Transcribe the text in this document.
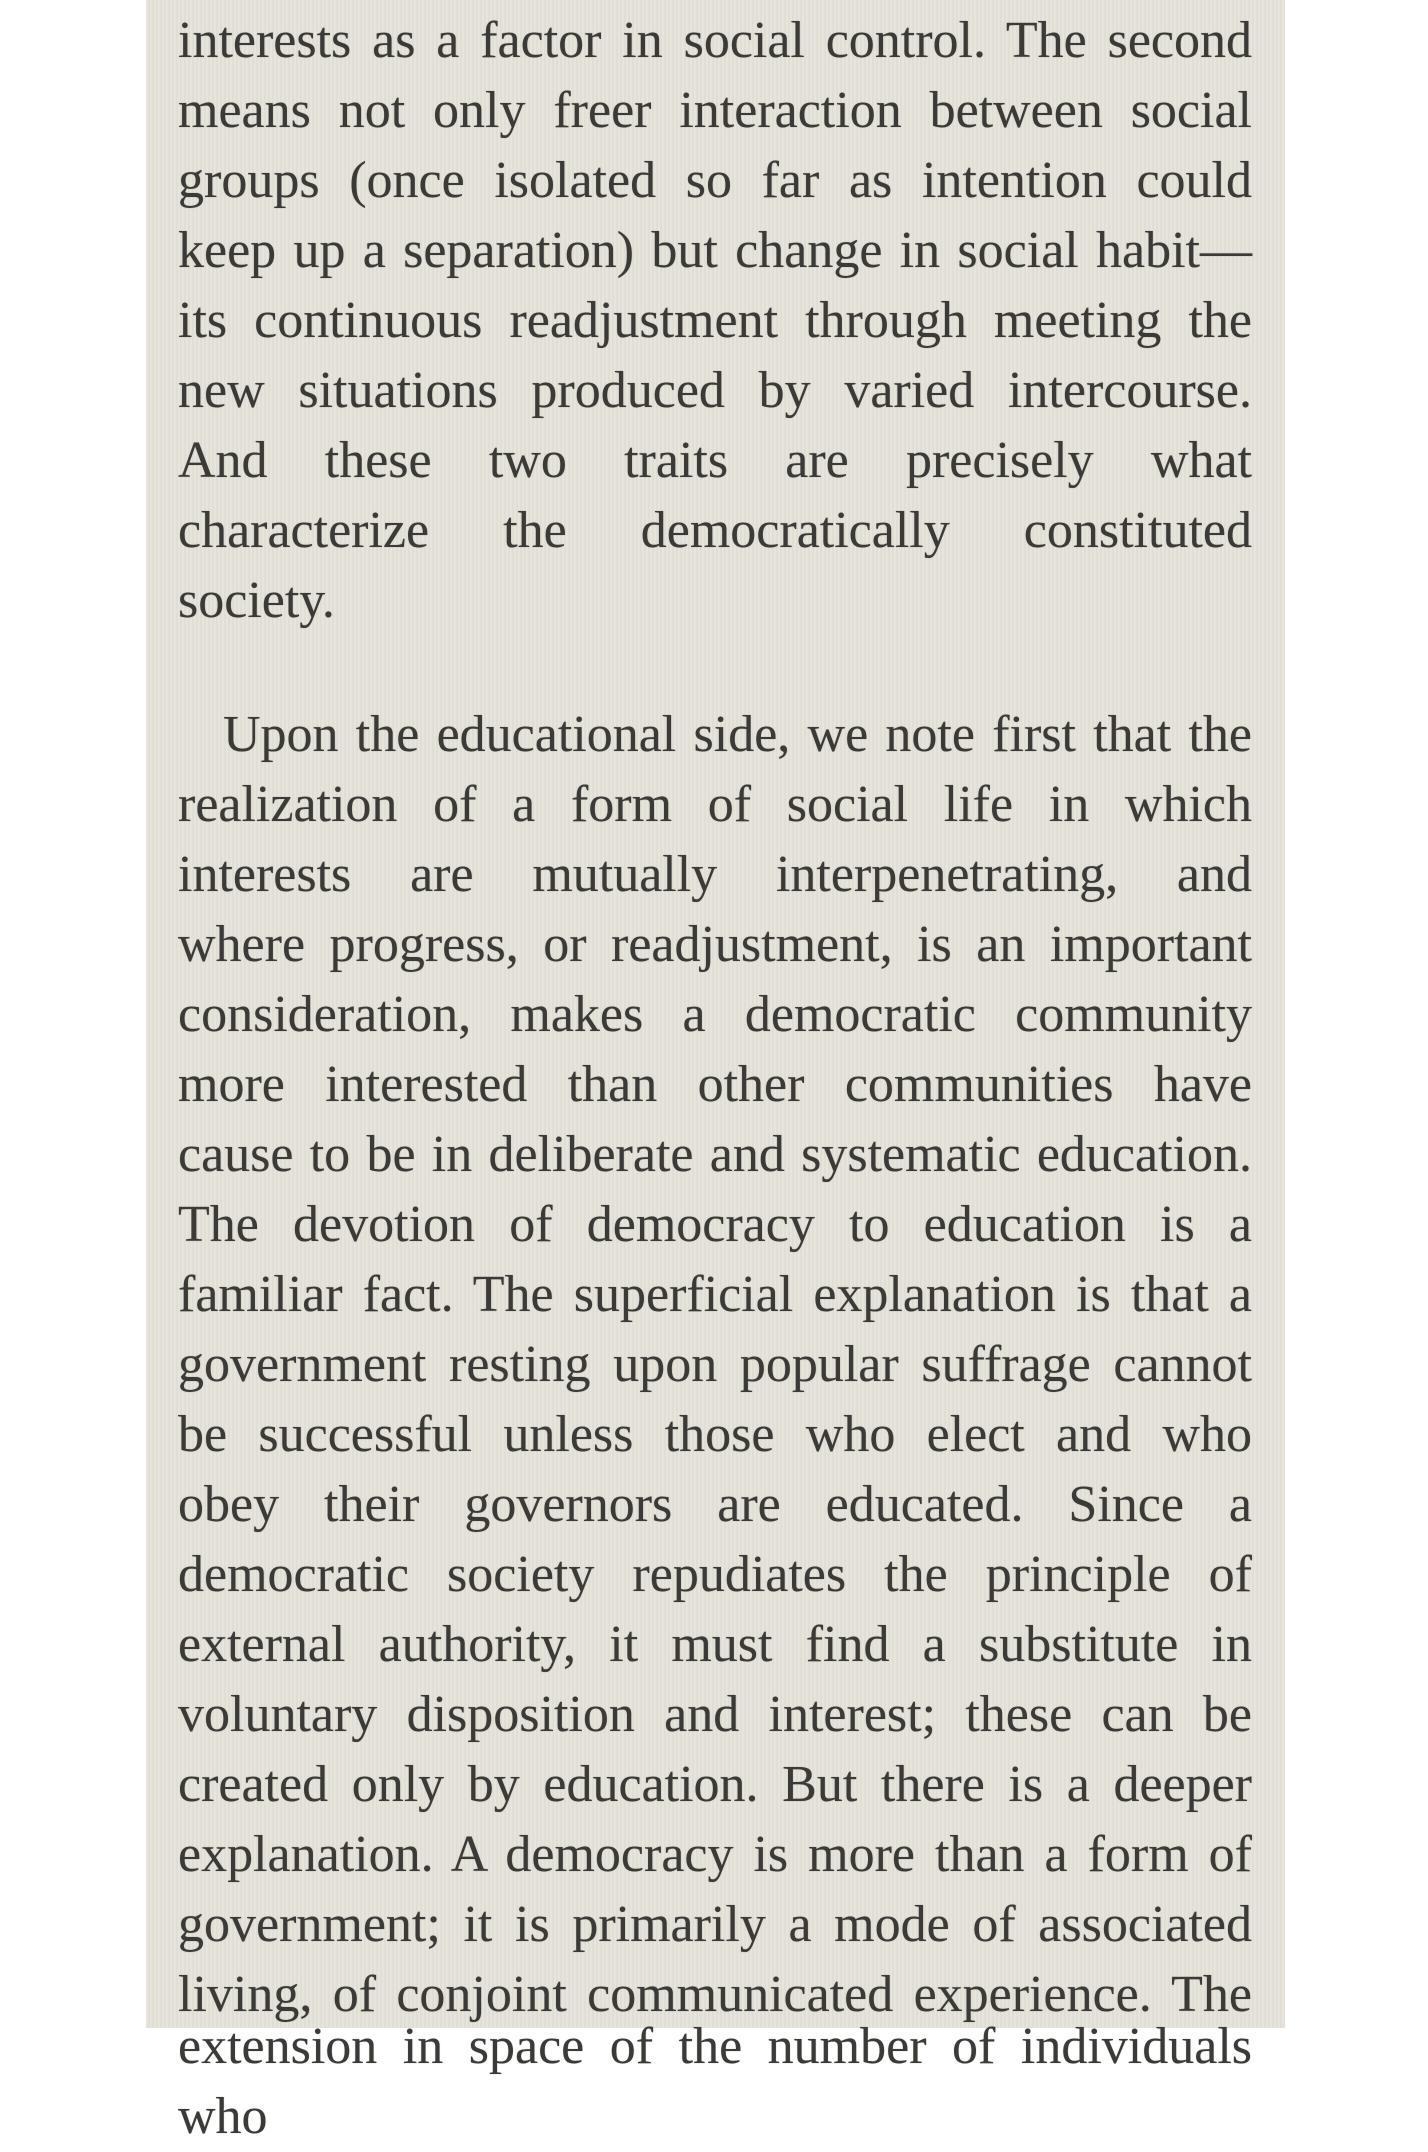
interests as a factor in social control. The second
means not only freer interaction between social
groups (once isolated so far as intention could
keep up a separation) but change in social habit—
its continuous readjustment through meeting the
new situations produced by varied intercourse.
And these two traits are precisely what
characterize the democratically constituted
society.
Upon the educational side, we note first that the
realization of a form of social life in which
interests are mutually interpenetrating, and
where progress, or readjustment, is an important
consideration, makes a democratic community
more interested than other communities have
cause to be in deliberate and systematic education.
The devotion of democracy to education is a
familiar fact. The superficial explanation is that a
government resting upon popular suffrage cannot
be successful unless those who elect and who
obey their governors are educated. Since a
democratic society repudiates the principle of
external authority, it must find a substitute in
voluntary disposition and interest; these can be
created only by education. But there is a deeper
explanation. A democracy is more than a form of
government; it is primarily a mode of associated
living, of conjoint communicated experience. The
extension in space of the number of individuals who
